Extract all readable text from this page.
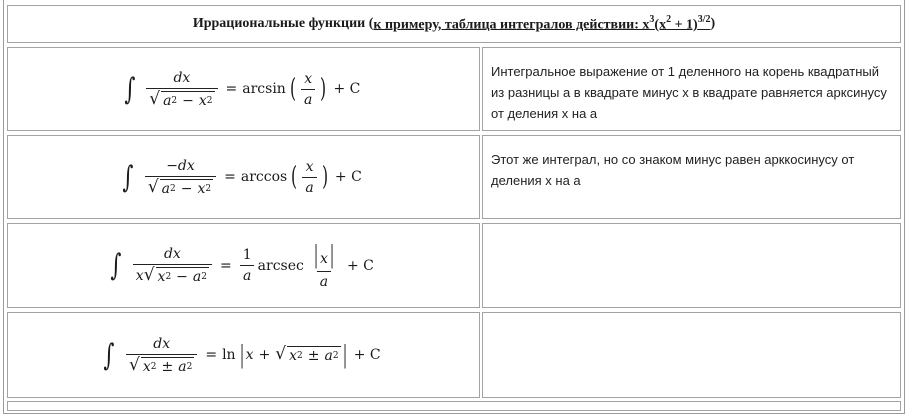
Иррациональные функции ( к примеру, таблица интегралов действии: $x^3(x^2 + 1)^{3/2}$ )
∫ $\frac{dx}{√ a 2 - x 2} = \arcsin$ ( $\frac{x}{a}$ ) + C
Интегральное выражение от 1 деленного на корень квадратный из разницы а в квадрате минус х в квадрате равняется арксинусу от деления х на а
∫ $\frac{-dx}{√ a 2 - x 2} = \arccos$ ( $\frac{x}{a}$ ) + C
Этот же интеграл, но со знаком минус равен арккосинусу от деления х на а
∫ $\frac{dx}{x √ x 2 - a 2} = \frac{1}{a}$ arcsec $\frac{| x|}{a} + C$
∫ $\frac{dx}{√ x 2 \pm a 2} = \ln$ | x + √ x 2 ± a 2 | + C
